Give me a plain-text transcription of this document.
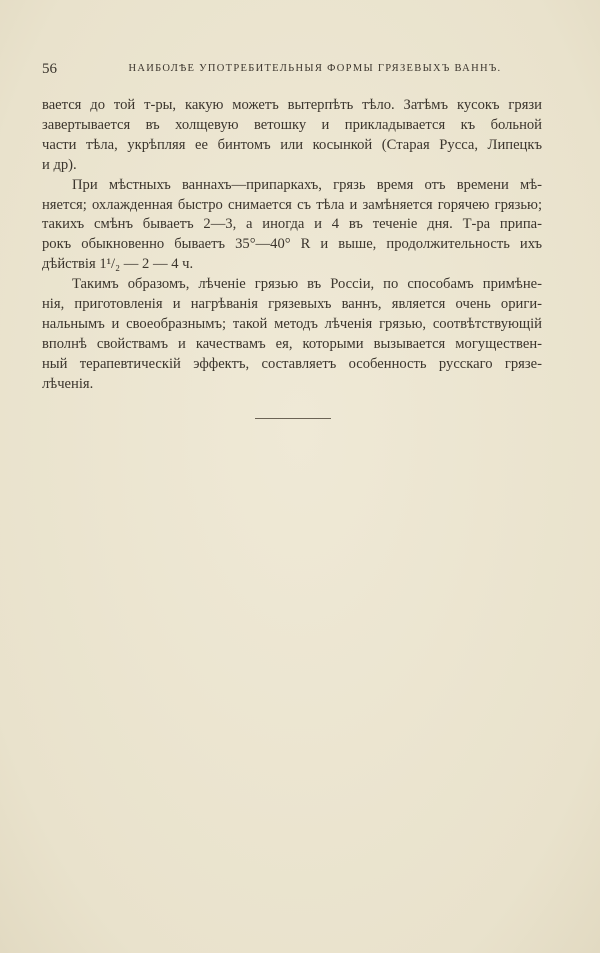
56	НАИБОЛѢЕ УПОТРЕБИТЕЛЬНЫЯ ФОРМЫ ГРЯЗЕВЫХЪ ВАННЪ.
вается до той т-ры, какую можетъ вытерпѣть тѣло. Затѣмъ кусокъ грязи
завертывается въ холщевую ветошку и прикладывается къ больной
части тѣла, укрѣпляя ее бинтомъ или косынкой (Старая Русса, Липецкъ
и др).
При мѣстныхъ ваннахъ—припаркахъ, грязь время отъ времени мѣ-
няется; охлажденная быстро снимается съ тѣла и замѣняется горячею грязью;
такихъ смѣнъ бываетъ 2—3, а иногда и 4 въ теченіе дня. Т-ра припа-
рокъ обыкновенно бываетъ 35°—40° R и выше, продолжительность ихъ
дѣйствія 1¹/₂ — 2 — 4 ч.
Такимъ образомъ, лѣченіе грязью въ Россіи, по способамъ примѣне-
нія, приготовленія и нагрѣванія грязевыхъ ваннъ, является очень ориги-
нальнымъ и своеобразнымъ; такой методъ лѣченія грязью, соотвѣтствующій
вполнѣ свойствамъ и качествамъ ея, которыми вызывается могуществен-
ный терапевтическій эффектъ, составляетъ особенность русскаго грязе-
лѣченія.
